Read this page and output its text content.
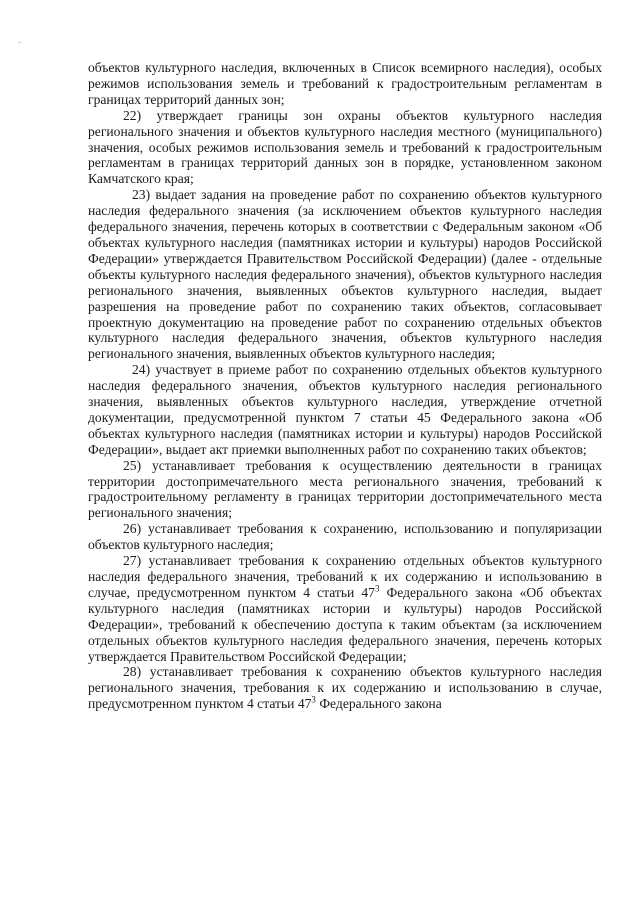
объектов культурного наследия, включенных в Список всемирного наследия), особых режимов использования земель и требований к градостроительным регламентам в границах территорий данных зон;

22) утверждает границы зон охраны объектов культурного наследия регионального значения и объектов культурного наследия местного (муниципального) значения, особых режимов использования земель и требований к градостроительным регламентам в границах территорий данных зон в порядке, установленном законом Камчатского края;

23) выдает задания на проведение работ по сохранению объектов культурного наследия федерального значения (за исключением объектов культурного наследия федерального значения, перечень которых в соответствии с Федеральным законом «Об объектах культурного наследия (памятниках истории и культуры) народов Российской Федерации» утверждается Правительством Российской Федерации) (далее - отдельные объекты культурного наследия федерального значения), объектов культурного наследия регионального значения, выявленных объектов культурного наследия, выдает разрешения на проведение работ по сохранению таких объектов, согласовывает проектную документацию на проведение работ по сохранению отдельных объектов культурного наследия федерального значения, объектов культурного наследия регионального значения, выявленных объектов культурного наследия;

24) участвует в приеме работ по сохранению отдельных объектов культурного наследия федерального значения, объектов культурного наследия регионального значения, выявленных объектов культурного наследия, утверждение отчетной документации, предусмотренной пунктом 7 статьи 45 Федерального закона «Об объектах культурного наследия (памятниках истории и культуры) народов Российской Федерации», выдает акт приемки выполненных работ по сохранению таких объектов;

25) устанавливает требования к осуществлению деятельности в границах территории достопримечательного места регионального значения, требований к градостроительному регламенту в границах территории достопримечательного места регионального значения;

26) устанавливает требования к сохранению, использованию и популяризации объектов культурного наследия;

27) устанавливает требования к сохранению отдельных объектов культурного наследия федерального значения, требований к их содержанию и использованию в случае, предусмотренном пунктом 4 статьи $47^3$ Федерального закона «Об объектах культурного наследия (памятниках истории и культуры) народов Российской Федерации», требований к обеспечению доступа к таким объектам (за исключением отдельных объектов культурного наследия федерального значения, перечень которых утверждается Правительством Российской Федерации;

28) устанавливает требования к сохранению объектов культурного наследия регионального значения, требования к их содержанию и использованию в случае, предусмотренном пунктом 4 статьи $47^3$ Федерального закона
